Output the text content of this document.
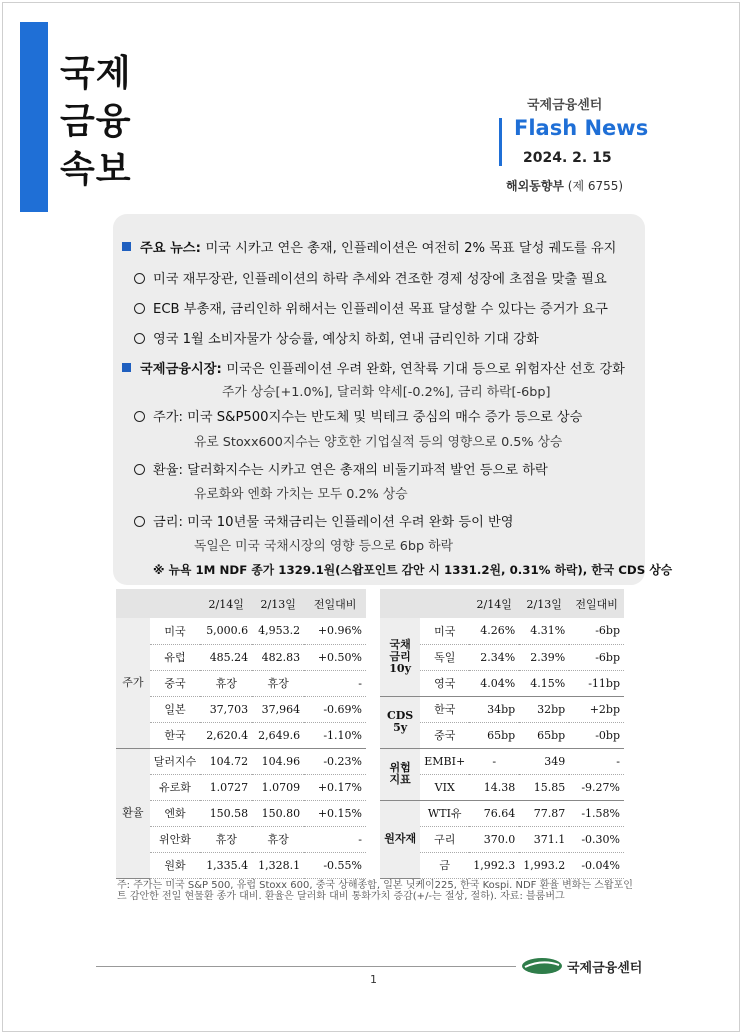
국제
금융
속보
국제금융센터
Flash News
2024. 2. 15
해외동향부 (제 6755)
주요 뉴스: 미국 시카고 연은 총재, 인플레이션은 여전히 2% 목표 달성 궤도를 유지
미국 재무장관, 인플레이션의 하락 추세와 견조한 경제 성장에 초점을 맞출 필요
ECB 부총재, 금리인하 위해서는 인플레이션 목표 달성할 수 있다는 증거가 요구
영국 1월 소비자물가 상승률, 예상치 하회, 연내 금리인하 기대 강화
국제금융시장: 미국은 인플레이션 우려 완화, 연착륙 기대 등으로 위험자산 선호 강화
주가 상승[+1.0%], 달러화 약세[-0.2%], 금리 하락[-6bp]
주가: 미국 S&P500지수는 반도체 및 빅테크 중심의 매수 증가 등으로 상승
유로 Stoxx600지수는 양호한 기업실적 등의 영향으로 0.5% 상승
환율: 달러화지수는 시카고 연은 총재의 비둘기파적 발언 등으로 하락
유로화와 엔화 가치는 모두 0.2% 상승
금리: 미국 10년물 국채금리는 인플레이션 우려 완화 등이 반영
독일은 미국 국채시장의 영향 등으로 6bp 하락
※ 뉴욕 1M NDF 종가 1329.1원(스왑포인트 감안 시 1331.2원, 0.31% 하락), 한국 CDS 상승
		2/14일	2/13일	전일대비
주가	미국	5,000.6	4,953.2	+0.96%
	유럽	485.24	482.83	+0.50%
	중국	휴장	휴장	-
	일본	37,703	37,964	-0.69%
	한국	2,620.4	2,649.6	-1.10%
환율	달러지수	104.72	104.96	-0.23%
	유로화	1.0727	1.0709	+0.17%
	엔화	150.58	150.80	+0.15%
	위안화	휴장	휴장	-
	원화	1,335.4	1,328.1	-0.55%
		2/14일	2/13일	전일대비
국채
금리
10y	미국	4.26%	4.31%	-6bp
	독일	2.34%	2.39%	-6bp
	영국	4.04%	4.15%	-11bp
CDS
5y	한국	34bp	32bp	+2bp
	중국	65bp	65bp	-0bp
위험
지표	EMBI+	-	349	-
	VIX	14.38	15.85	-9.27%
원자재	WTI유	76.64	77.87	-1.58%
	구리	370.0	371.1	-0.30%
	금	1,992.3	1,993.2	-0.04%
주: 주가는 미국 S&P 500, 유럽 Stoxx 600, 중국 상해종합, 일본 닛케이225, 한국 Kospi. NDF 환율 변화는 스왑포인트 감안한 전일 현물환 종가 대비. 환율은 달러화 대비 통화가치 증감(+/-는 절상, 절하). 자료: 블룸버그
1
국제금융센터
